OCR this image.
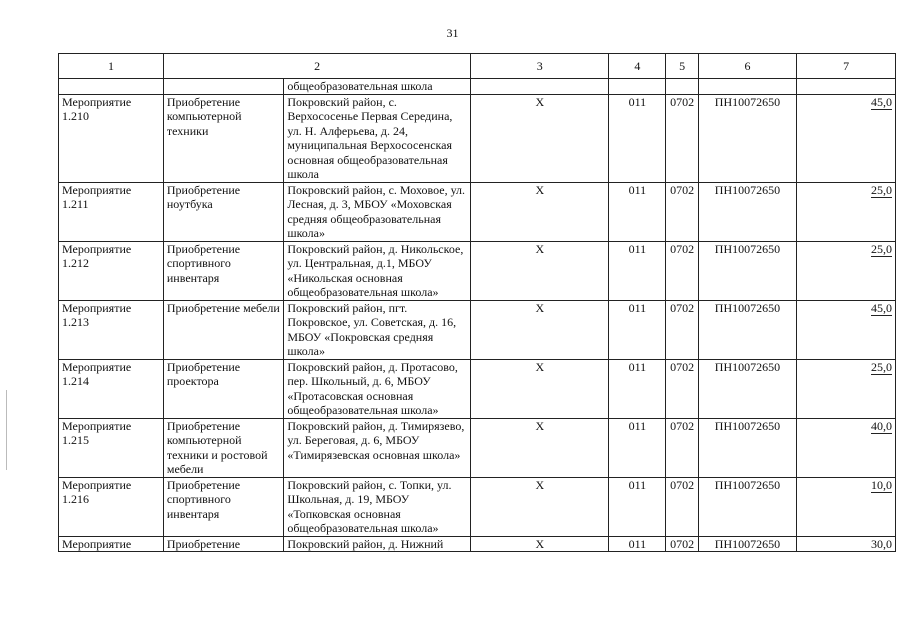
31
1	2		3	4	5	6	7
		общеобразовательная школа					
Мероприятие 1.210	Приобретение компьютерной техники	Покровский район, с. Верхососенье Первая Середина, ул. Н. Алферьева, д. 24, муниципальная Верхососенская основная общеобразовательная школа	Х	011	0702	ПН10072650	45,0
Мероприятие 1.211	Приобретение ноутбука	Покровский район, с. Моховое, ул. Лесная, д. 3, МБОУ «Моховская средняя общеобразовательная школа»	Х	011	0702	ПН10072650	25,0
Мероприятие 1.212	Приобретение спортивного инвентаря	Покровский район, д. Никольское, ул. Центральная, д.1, МБОУ «Никольская основная общеобразовательная школа»	Х	011	0702	ПН10072650	25,0
Мероприятие 1.213	Приобретение мебели	Покровский район, пгт. Покровское, ул. Советская, д. 16, МБОУ «Покровская средняя школа»	Х	011	0702	ПН10072650	45,0
Мероприятие 1.214	Приобретение проектора	Покровский район, д. Протасово, пер. Школьный, д. 6, МБОУ «Протасовская основная общеобразовательная школа»	Х	011	0702	ПН10072650	25,0
Мероприятие 1.215	Приобретение компьютерной техники и ростовой мебели	Покровский район, д. Тимирязево, ул. Береговая, д. 6, МБОУ «Тимирязевская основная школа»	Х	011	0702	ПН10072650	40,0
Мероприятие 1.216	Приобретение спортивного инвентаря	Покровский район, с. Топки, ул. Школьная, д. 19, МБОУ «Топковская основная общеобразовательная школа»	Х	011	0702	ПН10072650	10,0
Мероприятие	Приобретение	Покровский район, д. Нижний	Х	011	0702	ПН10072650	30,0
